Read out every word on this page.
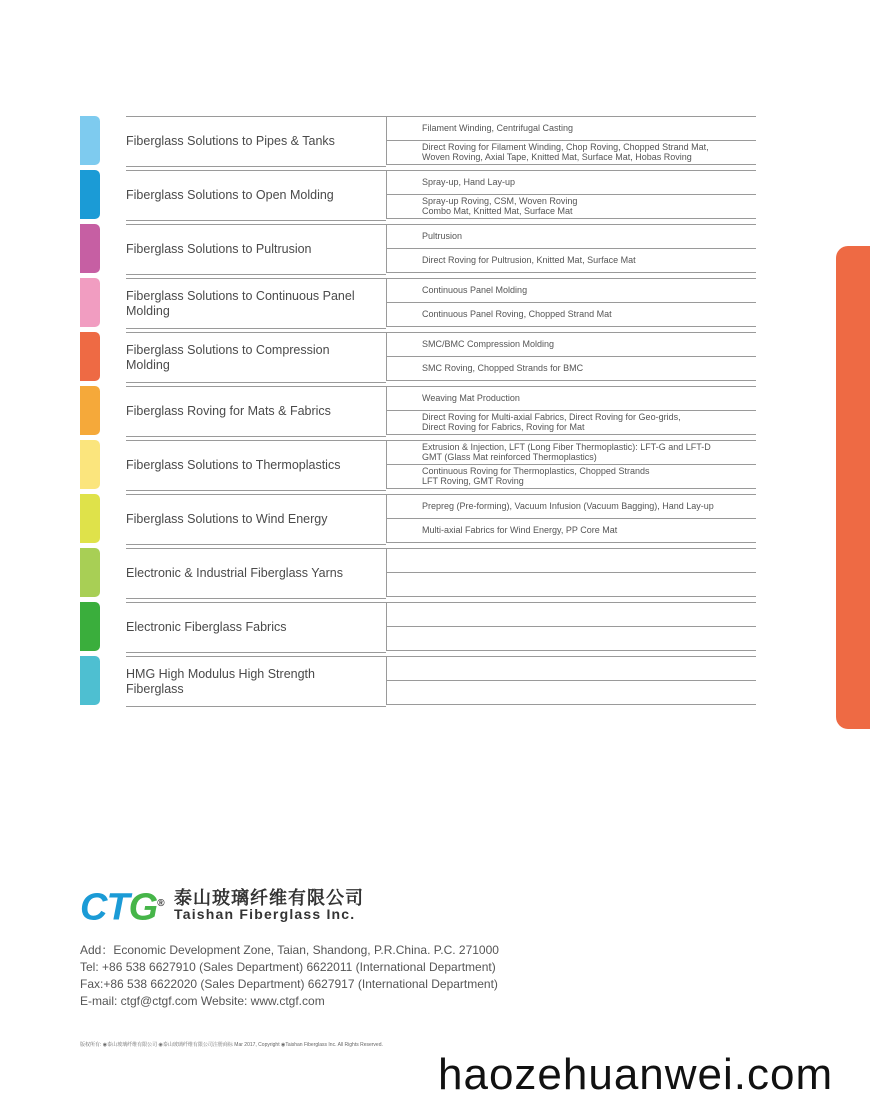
Fiberglass Solutions to Pipes & Tanks
Filament Winding, Centrifugal Casting
Direct Roving for Filament Winding, Chop Roving, Chopped Strand Mat,
Woven Roving, Axial Tape, Knitted Mat, Surface Mat, Hobas Roving
Fiberglass Solutions to Open Molding
Spray-up, Hand Lay-up
Spray-up Roving, CSM, Woven Roving
Combo Mat, Knitted Mat, Surface Mat
Fiberglass Solutions to Pultrusion
Pultrusion
Direct Roving for Pultrusion, Knitted Mat, Surface Mat
Fiberglass Solutions to Continuous Panel Molding
Continuous Panel Molding
Continuous Panel Roving, Chopped Strand Mat
Fiberglass Solutions to Compression Molding
SMC/BMC Compression Molding
SMC Roving, Chopped Strands for BMC
Fiberglass Roving for Mats & Fabrics
Weaving Mat Production
Direct Roving for Multi-axial Fabrics, Direct Roving for Geo-grids,
Direct Roving for Fabrics, Roving for Mat
Fiberglass Solutions to Thermoplastics
Extrusion & Injection, LFT (Long Fiber Thermoplastic): LFT-G and LFT-D
GMT (Glass Mat reinforced Thermoplastics)
Continuous Roving for Thermoplastics, Chopped Strands
LFT Roving, GMT Roving
Fiberglass Solutions to Wind Energy
Prepreg (Pre-forming), Vacuum Infusion (Vacuum Bagging), Hand Lay-up
Multi-axial Fabrics for Wind Energy, PP Core Mat
Electronic & Industrial Fiberglass Yarns
Electronic Fiberglass Fabrics
HMG High Modulus High Strength Fiberglass
CTG® 泰山玻璃纤维有限公司
Taishan Fiberglass Inc.
Add：Economic Development Zone, Taian, Shandong, P.R.China. P.C. 271000
Tel: +86 538 6627910 (Sales Department) 6622011 (International Department)
Fax:+86 538 6622020 (Sales Department) 6627917 (International Department)
E-mail: ctgf@ctgf.com Website: www.ctgf.com
版权所有: ◉泰山玻璃纤维有限公司 ◉泰山玻璃纤维有限公司注册商标 Mar 2017, Copyright ◉Taishan Fiberglass Inc. All Rights Reserved.
haozehuanwei.com
